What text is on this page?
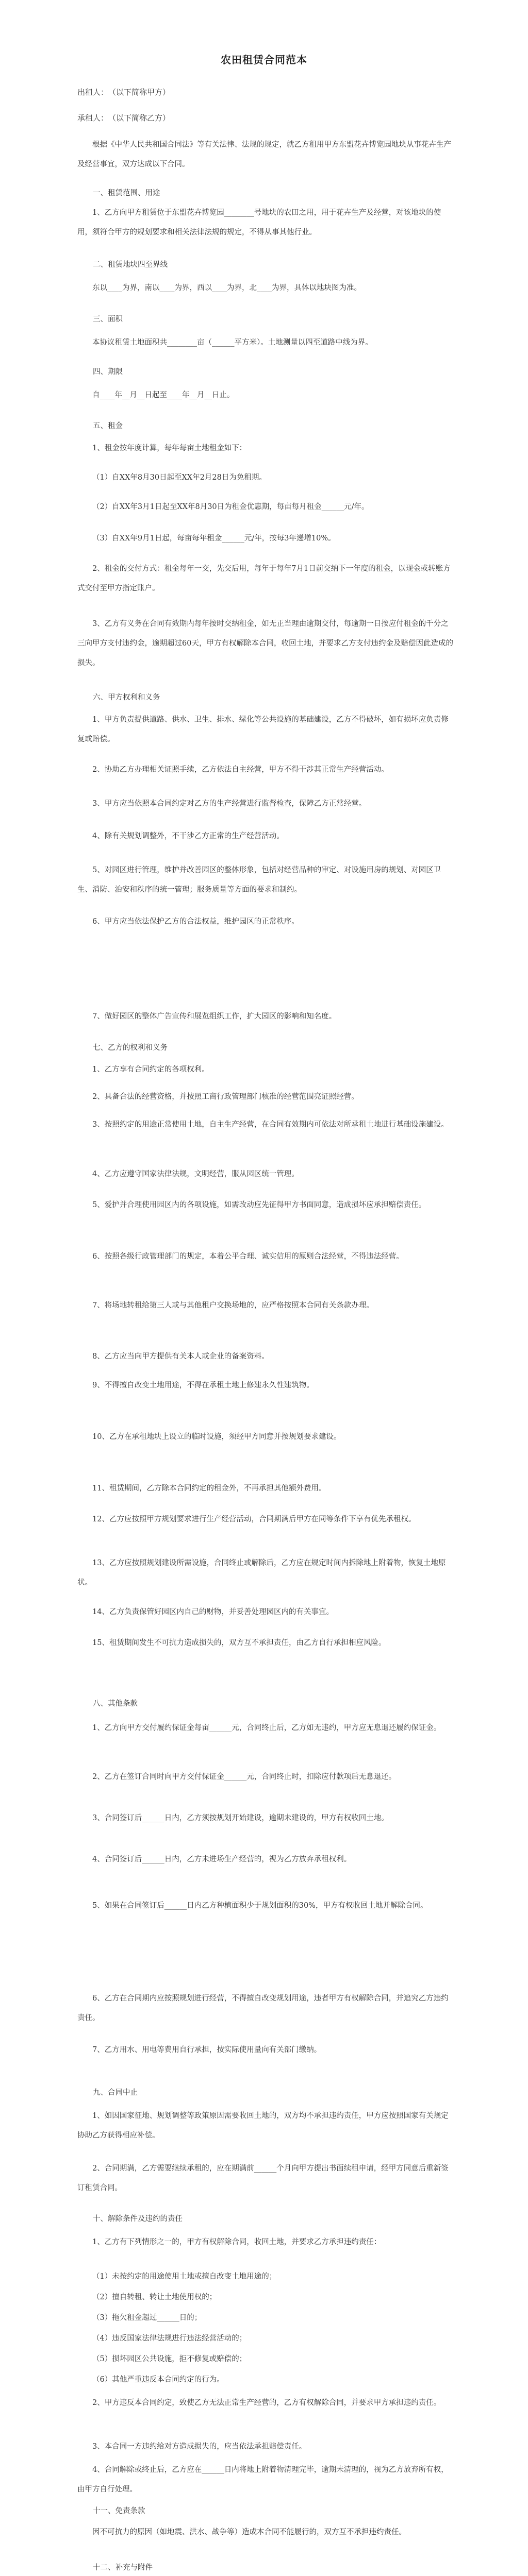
农田租赁合同范本
出租人：　（以下简称甲方）
承租人：　（以下简称乙方）
根据《中华人民共和国合同法》等有关法律、法规的规定，就乙方租用甲方东盟花卉博览园地块从事花卉生产及经营事宜，双方达成以下合同。
一、租赁范围、用途
1、乙方向甲方租赁位于东盟花卉博览园________号地块的农田之用，用于花卉生产及经营，对该地块的使用，须符合甲方的规划要求和相关法律法规的规定，不得从事其他行业。
二、租赁地块四至界线
东以____为界，南以____为界，西以____为界，北____为界，具体以地块图为准。
三、面积
本协议租赁土地面积共________亩（______平方米）。土地测量以四至道路中线为界。
四、期限
自____年__月__日起至____年__月__日止。
五、租金
1、租金按年度计算，每年每亩土地租金如下：
（1）自XX年8月30日起至XX年2月28日为免租期。
（2）自XX年3月1日起至XX年8月30日为租金优惠期，每亩每月租金______元/年。
（3）自XX年9月1日起，每亩每年租金______元/年，按每3年递增10%。
2、租金的交付方式：租金每年一交，先交后用，每年于每年7月1日前交纳下一年度的租金，以现金或转账方式交付至甲方指定账户。
3、乙方有义务在合同有效期内每年按时交纳租金，如无正当理由逾期交付，每逾期一日按应付租金的千分之三向甲方支付违约金，逾期超过60天，甲方有权解除本合同，收回土地，并要求乙方支付违约金及赔偿因此造成的损失。
六、甲方权利和义务
1、甲方负责提供道路、供水、卫生、排水、绿化等公共设施的基础建设，乙方不得破坏，如有损坏应负责修复或赔偿。
2、协助乙方办理相关证照手续，乙方依法自主经营，甲方不得干涉其正常生产经营活动。
3、甲方应当依照本合同约定对乙方的生产经营进行监督检查，保障乙方正常经营。
4、除有关规划调整外，不干涉乙方正常的生产经营活动。
5、对园区进行管理，维护并改善园区的整体形象，包括对经营品种的审定、对设施用房的规划、对园区卫生、消防、治安和秩序的统一管理；服务质量等方面的要求和制约。
6、甲方应当依法保护乙方的合法权益，维护园区的正常秩序。
7、做好园区的整体广告宣传和展览组织工作，扩大园区的影响和知名度。
七、乙方的权利和义务
1、乙方享有合同约定的各项权利。
2、具备合法的经营资格，并按照工商行政管理部门核准的经营范围亮证照经营。
3、按照约定的用途正常使用土地，自主生产经营，在合同有效期内可依法对所承租土地进行基础设施建设。
4、乙方应遵守国家法律法规，文明经营，服从园区统一管理。
5、爱护并合理使用园区内的各项设施，如需改动应先征得甲方书面同意，造成损坏应承担赔偿责任。
6、按照各级行政管理部门的规定，本着公平合理、诚实信用的原则合法经营，不得违法经营。
7、将场地转租给第三人或与其他租户交换场地的，应严格按照本合同有关条款办理。
8、乙方应当向甲方提供有关本人或企业的备案资料。
9、不得擅自改变土地用途，不得在承租土地上修建永久性建筑物。
10、乙方在承租地块上设立的临时设施，须经甲方同意并按规划要求建设。
11、租赁期间，乙方除本合同约定的租金外，不再承担其他额外费用。
12、乙方应按照甲方规划要求进行生产经营活动，合同期满后甲方在同等条件下享有优先承租权。
13、乙方应按照规划建设所需设施，合同终止或解除后，乙方应在规定时间内拆除地上附着物，恢复土地原状。
14、乙方负责保管好园区内自己的财物，并妥善处理园区内的有关事宜。
15、租赁期间发生不可抗力造成损失的，双方互不承担责任，由乙方自行承担相应风险。
八、其他条款
1、乙方向甲方交付履约保证金每亩______元，合同终止后，乙方如无违约，甲方应无息退还履约保证金。
2、乙方在签订合同时向甲方交付保证金______元，合同终止时，扣除应付款项后无息退还。
3、合同签订后______日内，乙方须按规划开始建设，逾期未建设的，甲方有权收回土地。
4、合同签订后______日内，乙方未进场生产经营的，视为乙方放弃承租权利。
5、如果在合同签订后______日内乙方种植面积少于规划面积的30%，甲方有权收回土地并解除合同。
6、乙方在合同期内应按照规划进行经营，不得擅自改变规划用途，违者甲方有权解除合同，并追究乙方违约责任。
7、乙方用水、用电等费用自行承担，按实际使用量向有关部门缴纳。
九、合同中止
1、如因国家征地、规划调整等政策原因需要收回土地的，双方均不承担违约责任，甲方应按照国家有关规定协助乙方获得相应补偿。
2、合同期满，乙方需要继续承租的，应在期满前______个月向甲方提出书面续租申请，经甲方同意后重新签订租赁合同。
十、解除条件及违约的责任
1、乙方有下列情形之一的，甲方有权解除合同，收回土地，并要求乙方承担违约责任：
（1）未按约定的用途使用土地或擅自改变土地用途的；
（2）擅自转租、转让土地使用权的；
（3）拖欠租金超过______日的；
（4）违反国家法律法规进行违法经营活动的；
（5）损坏园区公共设施，拒不修复或赔偿的；
（6）其他严重违反本合同约定的行为。
2、甲方违反本合同约定，致使乙方无法正常生产经营的，乙方有权解除合同，并要求甲方承担违约责任。
3、本合同一方违约给对方造成损失的，应当依法承担赔偿责任。
4、合同解除或终止后，乙方应在______日内将地上附着物清理完毕，逾期未清理的，视为乙方放弃所有权，由甲方自行处理。
十一、免责条款
因不可抗力的原因（如地震、洪水、战争等）造成本合同不能履行的，双方互不承担违约责任。
十二、补充与附件
